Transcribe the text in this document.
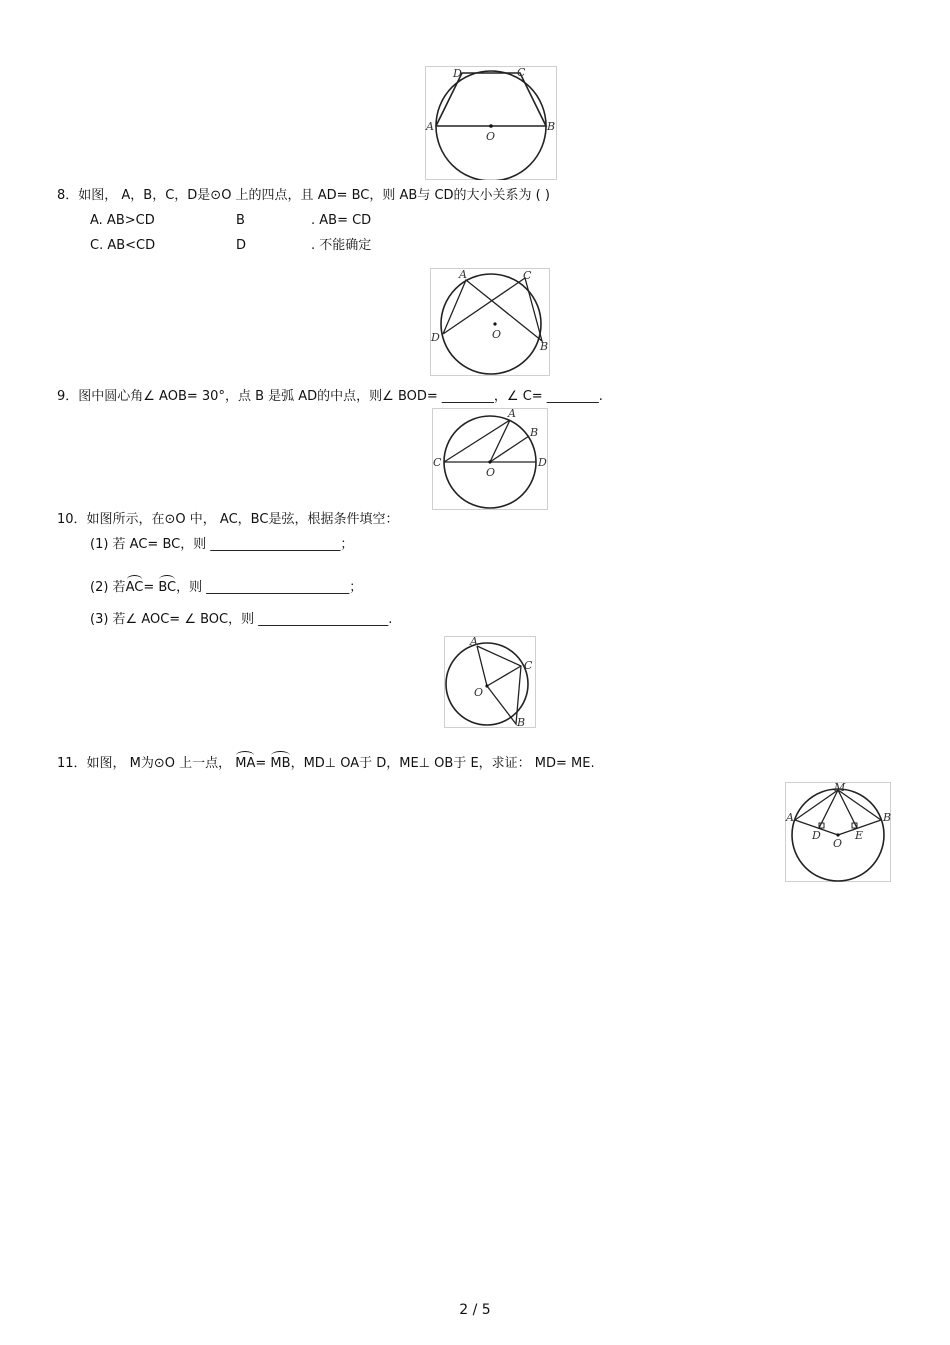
A	B
C
D
O
8．如图， A，B，C，D是⊙O 上的四点，且 AD= BC，则 AB与 CD的大小关系为 ( )
A. AB>CD	B	. AB= CD
C. AB<CD	D	. 不能确定
A
B
C
D	O
9．图中圆心角∠ AOB= 30°，点 B 是弧 AD的中点，则∠ BOD= ________，∠ C= ________.
A
B
C	D
O
10．如图所示，在⊙O 中， AC，BC是弦，根据条件填空：
(1) 若 AC= BC，则 ____________________；
(2) 若AC= BC，则 ______________________；
(3) 若∠ AOC= ∠ BOC，则 ____________________.
A
B
C
O
11．如图， M为⊙O 上一点， MA= MB，MD⊥ OA于 D，ME⊥ OB于 E，求证： MD= ME.
M
A	B
D	E
O
2 / 5
